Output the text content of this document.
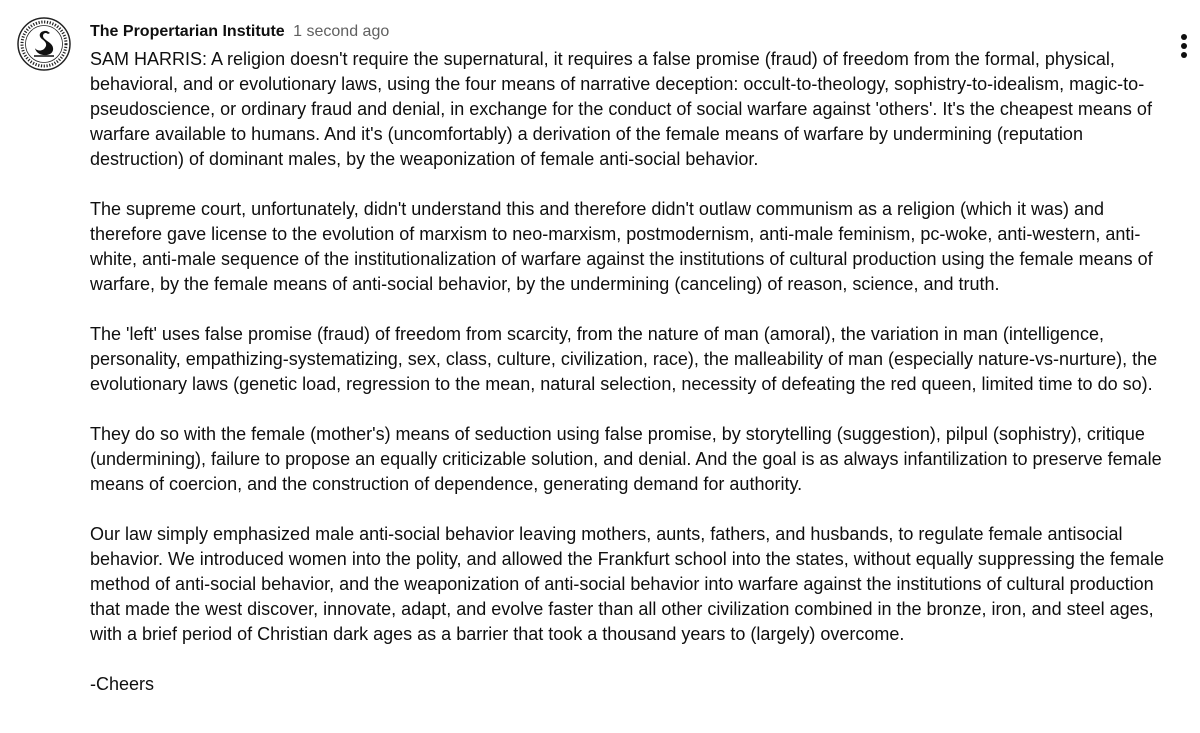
The Propertarian Institute 1 second ago

SAM HARRIS: A religion doesn't require the supernatural, it requires a false promise (fraud) of freedom from the formal, physical, behavioral, and or evolutionary laws, using the four means of narrative deception: occult-to-theology, sophistry-to-idealism, magic-to-pseudoscience, or ordinary fraud and denial, in exchange for the conduct of social warfare against 'others'. It's the cheapest means of warfare available to humans. And it's (uncomfortably) a derivation of the female means of warfare by undermining (reputation destruction) of dominant males, by the weaponization of female anti-social behavior.

The supreme court, unfortunately, didn't understand this and therefore didn't outlaw communism as a religion (which it was) and therefore gave license to the evolution of marxism to neo-marxism, postmodernism, anti-male feminism, pc-woke, anti-western, anti-white, anti-male sequence of the institutionalization of warfare against the institutions of cultural production using the female means of warfare, by the female means of anti-social behavior, by the undermining (canceling) of reason, science, and truth.

The 'left' uses false promise (fraud) of freedom from scarcity, from the nature of man (amoral), the variation in man (intelligence, personality, empathizing-systematizing, sex, class, culture, civilization, race), the malleability of man (especially nature-vs-nurture), the evolutionary laws (genetic load, regression to the mean, natural selection, necessity of defeating the red queen, limited time to do so).

They do so with the female (mother's) means of seduction using false promise, by storytelling (suggestion), pilpul (sophistry), critique (undermining), failure to propose an equally criticizable solution, and denial. And the goal is as always infantilization to preserve female means of coercion, and the construction of dependence, generating demand for authority.

Our law simply emphasized male anti-social behavior leaving mothers, aunts, fathers, and husbands, to regulate female antisocial behavior. We introduced women into the polity, and allowed the Frankfurt school into the states, without equally suppressing the female method of anti-social behavior, and the weaponization of anti-social behavior into warfare against the institutions of cultural production that made the west discover, innovate, adapt, and evolve faster than all other civilization combined in the bronze, iron, and steel ages, with a brief period of Christian dark ages as a barrier that took a thousand years to (largely) overcome.

-Cheers
